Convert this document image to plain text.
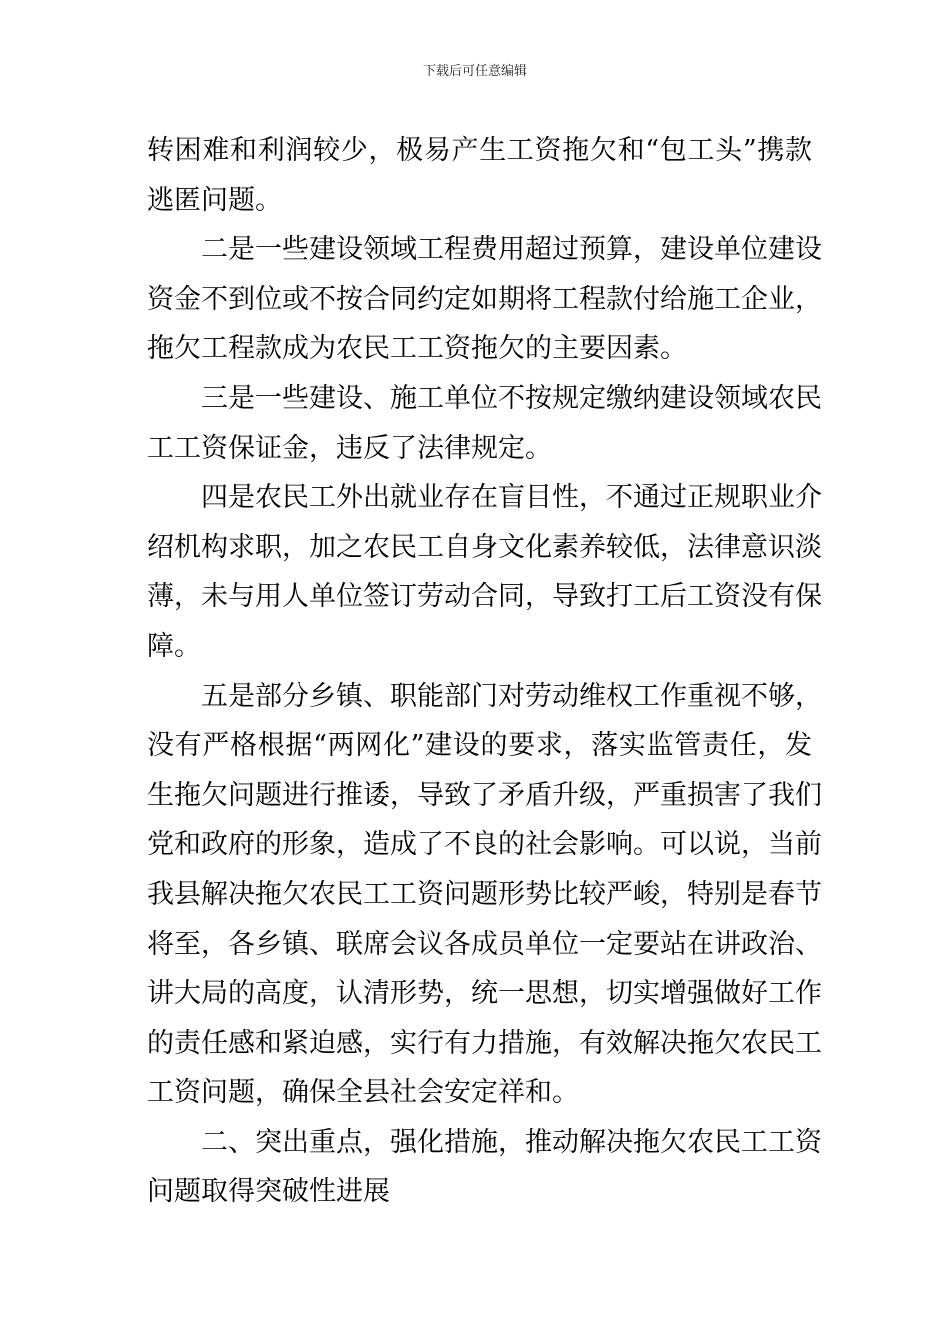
下载后可任意编辑
转困难和利润较少，极易产生工资拖欠和“包工头”携款
逃匿问题。
二是一些建设领域工程费用超过预算，建设单位建设
资金不到位或不按合同约定如期将工程款付给施工企业，
拖欠工程款成为农民工工资拖欠的主要因素。
三是一些建设、施工单位不按规定缴纳建设领域农民
工工资保证金，违反了法律规定。
四是农民工外出就业存在盲目性，不通过正规职业介
绍机构求职，加之农民工自身文化素养较低，法律意识淡
薄，未与用人单位签订劳动合同，导致打工后工资没有保
障。
五是部分乡镇、职能部门对劳动维权工作重视不够，
没有严格根据“两网化”建设的要求，落实监管责任，发
生拖欠问题进行推诿，导致了矛盾升级，严重损害了我们
党和政府的形象，造成了不良的社会影响。可以说，当前
我县解决拖欠农民工工资问题形势比较严峻，特别是春节
将至，各乡镇、联席会议各成员单位一定要站在讲政治、
讲大局的高度，认清形势，统一思想，切实增强做好工作
的责任感和紧迫感，实行有力措施，有效解决拖欠农民工
工资问题，确保全县社会安定祥和。
二、突出重点，强化措施，推动解决拖欠农民工工资
问题取得突破性进展
